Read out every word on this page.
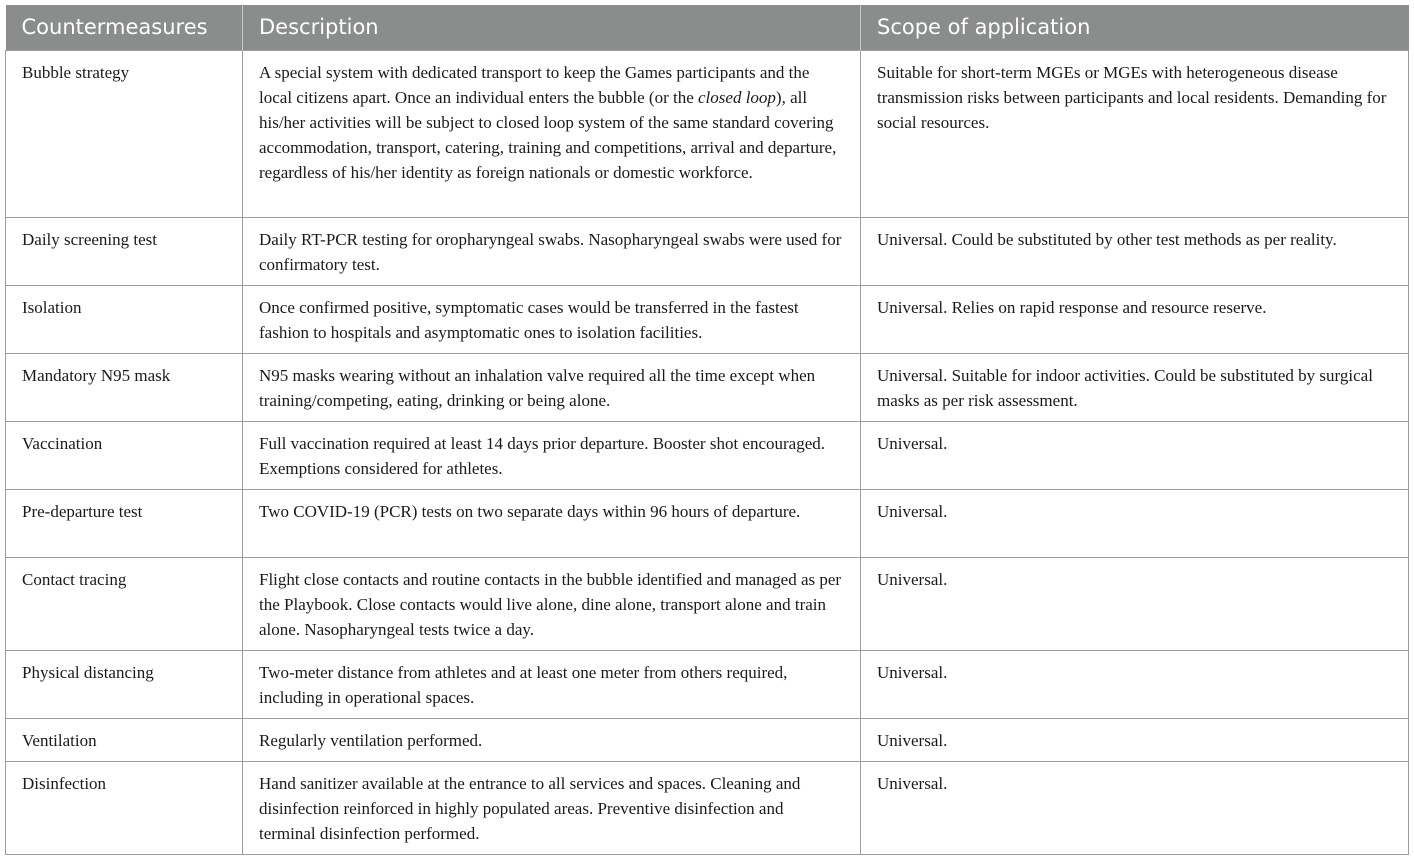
Countermeasures	Description	Scope of application
Bubble strategy	A special system with dedicated transport to keep the Games participants and the local citizens apart. Once an individual enters the bubble (or the closed loop), all his/her activities will be subject to closed loop system of the same standard covering accommodation, transport, catering, training and competitions, arrival and departure, regardless of his/her identity as foreign nationals or domestic workforce.	Suitable for short-term MGEs or MGEs with heterogeneous disease transmission risks between participants and local residents. Demanding for social resources.
Daily screening test	Daily RT-PCR testing for oropharyngeal swabs. Nasopharyngeal swabs were used for confirmatory test.	Universal. Could be substituted by other test methods as per reality.
Isolation	Once confirmed positive, symptomatic cases would be transferred in the fastest fashion to hospitals and asymptomatic ones to isolation facilities.	Universal. Relies on rapid response and resource reserve.
Mandatory N95 mask	N95 masks wearing without an inhalation valve required all the time except when training/competing, eating, drinking or being alone.	Universal. Suitable for indoor activities. Could be substituted by surgical masks as per risk assessment.
Vaccination	Full vaccination required at least 14 days prior departure. Booster shot encouraged. Exemptions considered for athletes.	Universal.
Pre-departure test	Two COVID-19 (PCR) tests on two separate days within 96 hours of departure.	Universal.
Contact tracing	Flight close contacts and routine contacts in the bubble identified and managed as per the Playbook. Close contacts would live alone, dine alone, transport alone and train alone. Nasopharyngeal tests twice a day.	Universal.
Physical distancing	Two-meter distance from athletes and at least one meter from others required, including in operational spaces.	Universal.
Ventilation	Regularly ventilation performed.	Universal.
Disinfection	Hand sanitizer available at the entrance to all services and spaces. Cleaning and disinfection reinforced in highly populated areas. Preventive disinfection and terminal disinfection performed.	Universal.
